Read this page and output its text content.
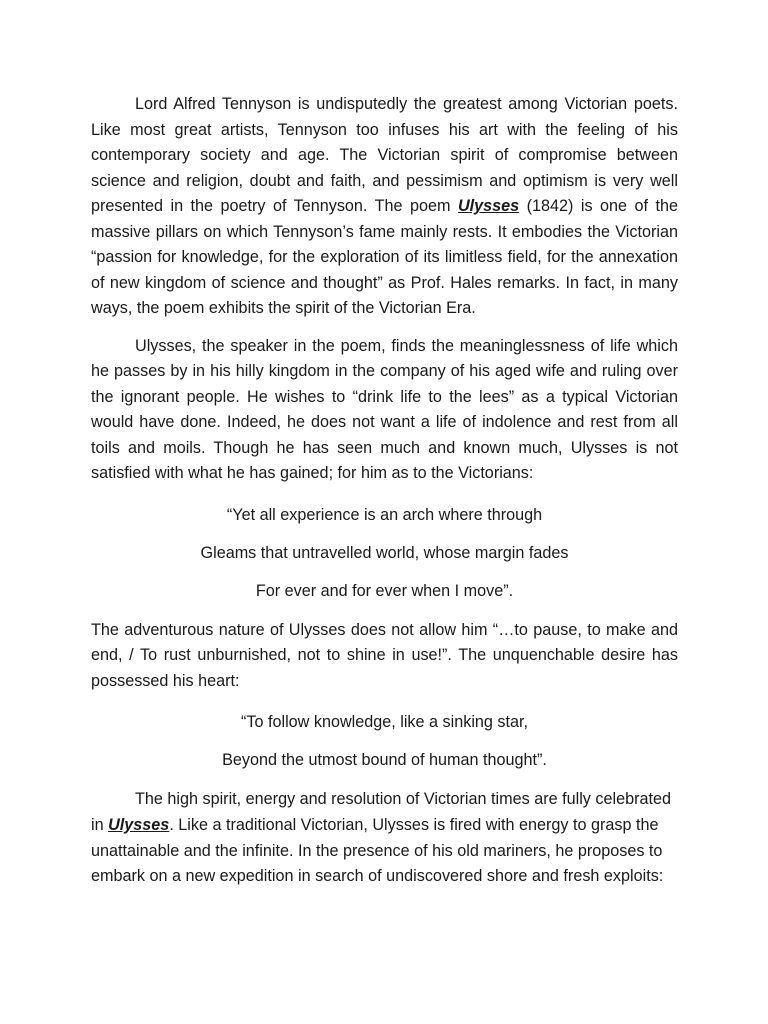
Lord Alfred Tennyson is undisputedly the greatest among Victorian poets. Like most great artists, Tennyson too infuses his art with the feeling of his contemporary society and age. The Victorian spirit of compromise between science and religion, doubt and faith, and pessimism and optimism is very well presented in the poetry of Tennyson. The poem Ulysses (1842) is one of the massive pillars on which Tennyson’s fame mainly rests. It embodies the Victorian “passion for knowledge, for the exploration of its limitless field, for the annexation of new kingdom of science and thought” as Prof. Hales remarks. In fact, in many ways, the poem exhibits the spirit of the Victorian Era.

Ulysses, the speaker in the poem, finds the meaninglessness of life which he passes by in his hilly kingdom in the company of his aged wife and ruling over the ignorant people. He wishes to “drink life to the lees” as a typical Victorian would have done. Indeed, he does not want a life of indolence and rest from all toils and moils. Though he has seen much and known much, Ulysses is not satisfied with what he has gained; for him as to the Victorians:

“Yet all experience is an arch where through

Gleams that untravelled world, whose margin fades

For ever and for ever when I move”.

The adventurous nature of Ulysses does not allow him “…to pause, to make and end, / To rust unburnished, not to shine in use!”. The unquenchable desire has possessed his heart:

“To follow knowledge, like a sinking star,

Beyond the utmost bound of human thought”.

The high spirit, energy and resolution of Victorian times are fully celebrated in Ulysses. Like a traditional Victorian, Ulysses is fired with energy to grasp the unattainable and the infinite. In the presence of his old mariners, he proposes to embark on a new expedition in search of undiscovered shore and fresh exploits:
